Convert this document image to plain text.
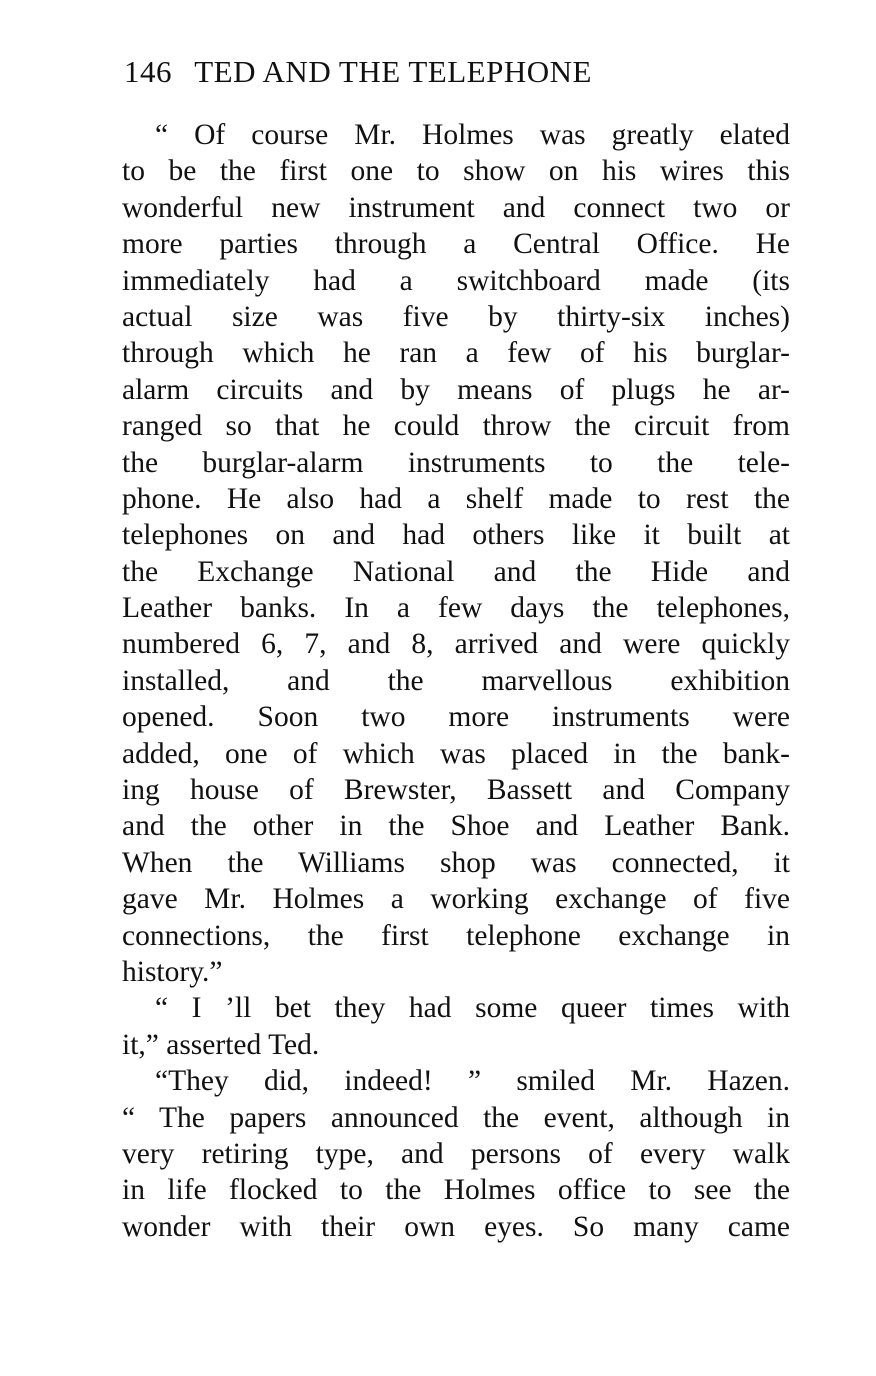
146 TED AND THE TELEPHONE
“ Of course Mr. Holmes was greatly elated
to be the first one to show on his wires this
wonderful new instrument and connect two or
more parties through a Central Office. He
immediately had a switchboard made (its
actual size was five by thirty-six inches)
through which he ran a few of his burglar-
alarm circuits and by means of plugs he ar-
ranged so that he could throw the circuit from
the burglar-alarm instruments to the tele-
phone. He also had a shelf made to rest the
telephones on and had others like it built at
the Exchange National and the Hide and
Leather banks. In a few days the telephones,
numbered 6, 7, and 8, arrived and were quickly
installed, and the marvellous exhibition
opened. Soon two more instruments were
added, one of which was placed in the bank-
ing house of Brewster, Bassett and Company
and the other in the Shoe and Leather Bank.
When the Williams shop was connected, it
gave Mr. Holmes a working exchange of five
connections, the first telephone exchange in
history.”
“ I ’ll bet they had some queer times with
it,” asserted Ted.
“They did, indeed! ” smiled Mr. Hazen.
“ The papers announced the event, although in
very retiring type, and persons of every walk
in life flocked to the Holmes office to see the
wonder with their own eyes. So many came
